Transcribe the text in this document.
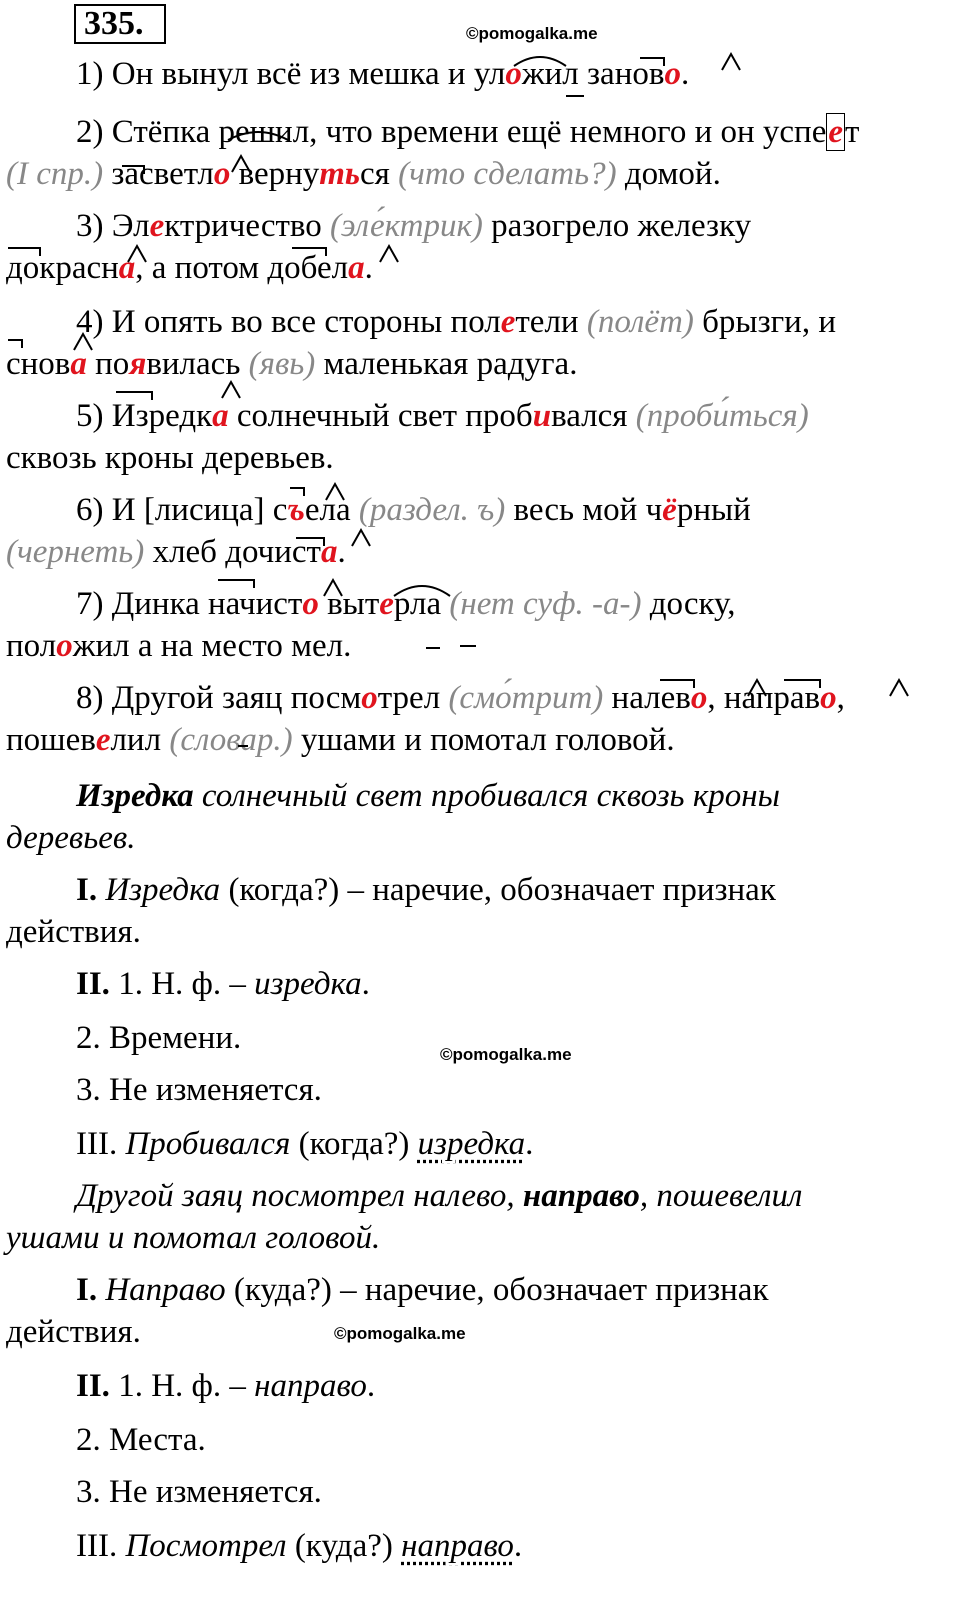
335.	©pomogalka.me
©pomogalka.me
©pomogalka.me
1) Он вынул всё из мешка и уложил заново.
2) Стёпка решил, что времени ещё немного и он успеет
(I спр.) засветло вернуться (что сделать?) домой.
3) Электричество (эле́ктрик) разогрело железку
докрасна, а потом добела.
4) И опять во все стороны полетели (полёт) брызги, и
снова появилась (явь) маленькая радуга.
5) Изредка солнечный свет пробивался (проби́ться)
сквозь кроны деревьев.
6) И [лисица] съела (раздел. ъ) весь мой чёрный
(чернеть) хлеб дочиста.
7) Динка начисто вытерла (нет суф. -а-) доску,
положил а на место мел.
8) Другой заяц посмотрел (смо́трит) налево, направо,
пошевелил (словар.) ушами и помотал головой.
Изредка солнечный свет пробивался сквозь кроны
деревьев.
I. Изредка (когда?) – наречие, обозначает признак
действия.
II. 1. Н. ф. – изредка.
2. Времени.
3. Не изменяется.
III. Пробивался (когда?) изредка.
Другой заяц посмотрел налево, направо, пошевелил
ушами и помотал головой.
I. Направо (куда?) – наречие, обозначает признак
действия.
II. 1. Н. ф. – направо.
2. Места.
3. Не изменяется.
III. Посмотрел (куда?) направо.
